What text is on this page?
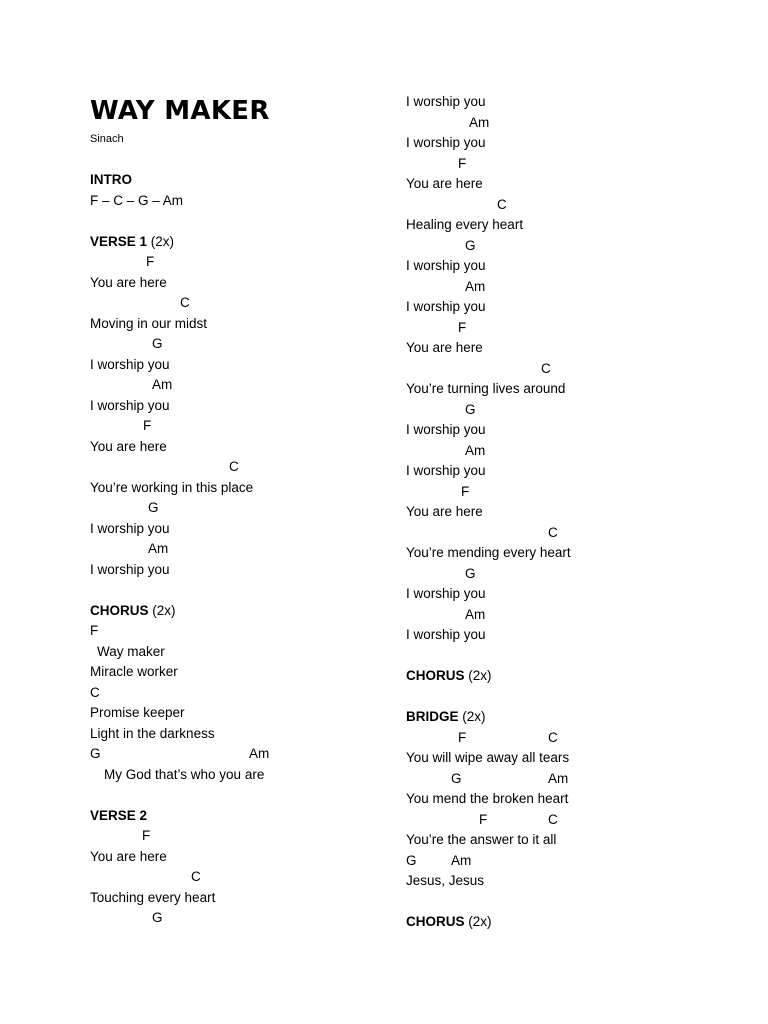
WAY MAKER
Sinach
INTRO
F – C – G – Am
VERSE 1 (2x)
F
You are here
C
Moving in our midst
G
I worship you
Am
I worship you
F
You are here
C
You’re working in this place
G
I worship you
Am
I worship you
CHORUS (2x)
F
Way maker
Miracle worker
C
Promise keeper
Light in the darkness
G	Am
My God that’s who you are
VERSE 2
F
You are here
C
Touching every heart
G
I worship you
Am
I worship you
F
You are here
C
Healing every heart
G
I worship you
Am
I worship you
F
You are here
C
You’re turning lives around
G
I worship you
Am
I worship you
F
You are here
C
You’re mending every heart
G
I worship you
Am
I worship you
CHORUS (2x)
BRIDGE (2x)
F	C
You will wipe away all tears
G	Am
You mend the broken heart
F	C
You’re the answer to it all
G	Am
Jesus, Jesus
CHORUS (2x)
